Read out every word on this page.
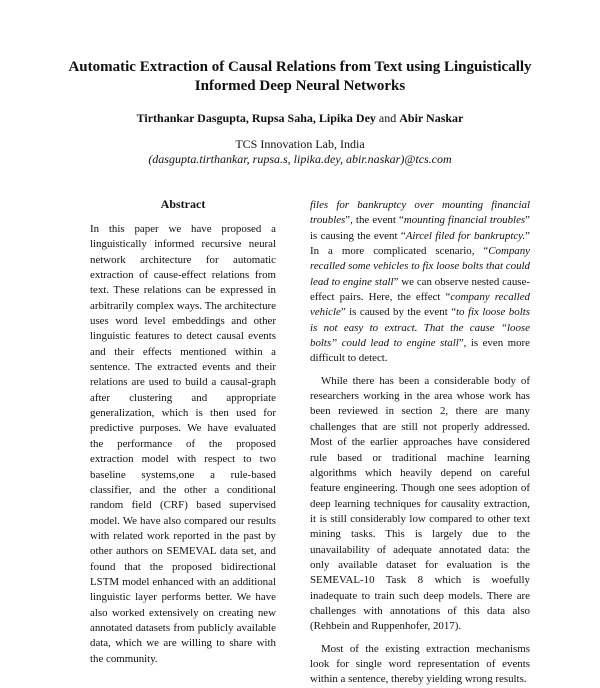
Automatic Extraction of Causal Relations from Text using Linguistically
Informed Deep Neural Networks
Tirthankar Dasgupta, Rupsa Saha, Lipika Dey and Abir Naskar
TCS Innovation Lab, India
(dasgupta.tirthankar, rupsa.s, lipika.dey, abir.naskar)@tcs.com
Abstract

In this paper we have proposed a linguistically informed recursive neural network architecture for automatic extraction of cause-effect relations from text. These relations can be expressed in arbitrarily complex ways. The architecture uses word level embeddings and other linguistic features to detect causal events and their effects mentioned within a sentence. The extracted events and their relations are used to build a causal-graph after clustering and appropriate generalization, which is then used for predictive purposes. We have evaluated the performance of the proposed extraction model with respect to two baseline systems,one a rule-based classifier, and the other a conditional random field (CRF) based supervised model. We have also compared our results with related work reported in the past by other authors on SEMEVAL data set, and found that the proposed bidirectional LSTM model enhanced with an additional linguistic layer performs better. We have also worked extensively on creating new annotated datasets from publicly available data, which we are willing to share with the community.

files for bankruptcy over mounting financial troubles”, the event “mounting financial troubles” is causing the event “Aircel filed for bankruptcy.” In a more complicated scenario, “Company recalled some vehicles to fix loose bolts that could lead to engine stall” we can observe nested cause-effect pairs. Here, the effect “company recalled vehicle” is caused by the event “to fix loose bolts is not easy to extract. That the cause “loose bolts” could lead to engine stall”, is even more difficult to detect.

While there has been a considerable body of researchers working in the area whose work has been reviewed in section 2, there are many challenges that are still not properly addressed. Most of the earlier approaches have considered rule based or traditional machine learning algorithms which heavily depend on careful feature engineering. Though one sees adoption of deep learning techniques for causality extraction, it is still considerably low compared to other text mining tasks. This is largely due to the unavailability of adequate annotated data: the only available dataset for evaluation is the SEMEVAL-10 Task 8 which is woefully inadequate to train such deep models. There are challenges with annotations of this data also (Rehbein and Ruppenhofer, 2017).

Most of the existing extraction mechanisms look for single word representation of events within a sentence, thereby yielding wrong results.
